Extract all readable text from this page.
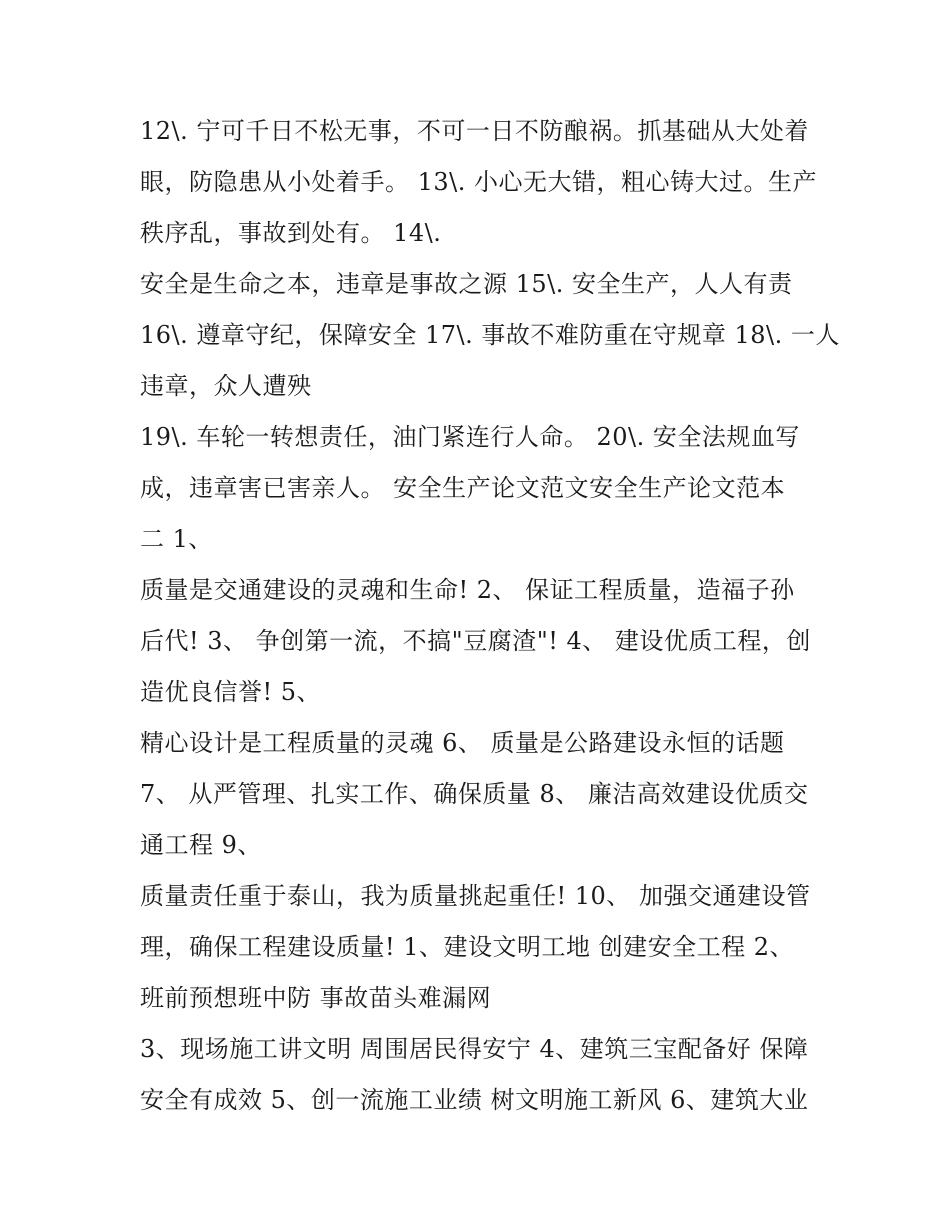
12\. 宁可千日不松无事，不可一日不防酿祸。抓基础从大处着
眼，防隐患从小处着手。 13\. 小心无大错，粗心铸大过。生产
秩序乱，事故到处有。 14\.
安全是生命之本，违章是事故之源 15\. 安全生产，人人有责
16\. 遵章守纪，保障安全 17\. 事故不难防重在守规章 18\. 一人
违章，众人遭殃
19\. 车轮一转想责任，油门紧连行人命。 20\. 安全法规血写
成，违章害已害亲人。 安全生产论文范文安全生产论文范本
二 1、
质量是交通建设的灵魂和生命! 2、 保证工程质量，造福子孙
后代! 3、 争创第一流，不搞"豆腐渣"! 4、 建设优质工程，创
造优良信誉! 5、
精心设计是工程质量的灵魂 6、 质量是公路建设永恒的话题
7、 从严管理、扎实工作、确保质量 8、 廉洁高效建设优质交
通工程 9、
质量责任重于泰山，我为质量挑起重任! 10、 加强交通建设管
理，确保工程建设质量! 1、建设文明工地 创建安全工程 2、
班前预想班中防 事故苗头难漏网
3、现场施工讲文明 周围居民得安宁 4、建筑三宝配备好 保障
安全有成效 5、创一流施工业绩 树文明施工新风 6、建筑大业
